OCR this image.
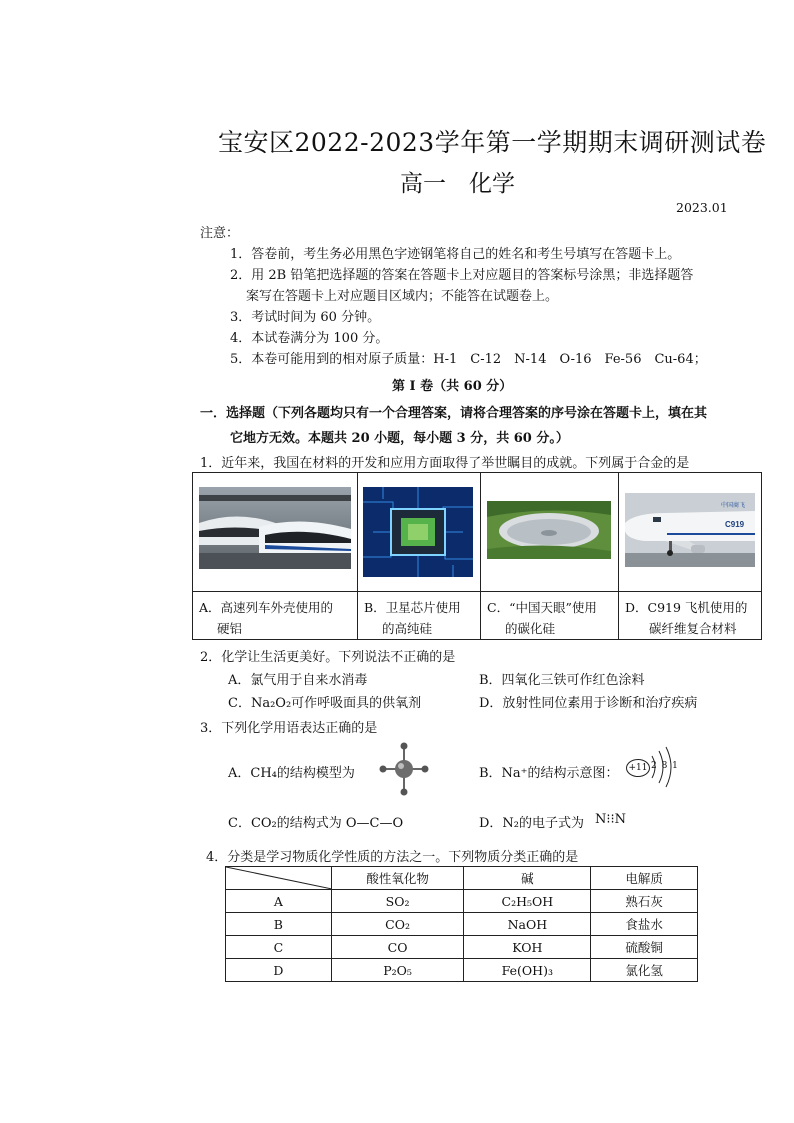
宝安区2022-2023学年第一学期期末调研测试卷
高一　化学
2023.01
注意：
1．答卷前，考生务必用黑色字迹钢笔将自己的姓名和考生号填写在答题卡上。
2．用 2B 铅笔把选择题的答案在答题卡上对应题目的答案标号涂黑；非选择题答
案写在答题卡上对应题目区域内；不能答在试题卷上。
3．考试时间为 60 分钟。
4．本试卷满分为 100 分。
5．本卷可能用到的相对原子质量：H-1　C-12　N-14　O-16　Fe-56　Cu-64；
第 Ⅰ 卷（共 60 分）
一．选择题（下列各题均只有一个合理答案，请将合理答案的序号涂在答题卡上，填在其
它地方无效。本题共 20 小题，每小题 3 分，共 60 分。）
1．近年来，我国在材料的开发和应用方面取得了举世瞩目的成就。下列属于合金的是
A．高速列车外壳使用的
硬铝
B．卫星芯片使用
的高纯硅
C．“中国天眼”使用
的碳化硅
中国商飞
C919
D．C919 飞机使用的
碳纤维复合材料
2．化学让生活更美好。下列说法不正确的是
A．氯气用于自来水消毒	B．四氧化三铁可作红色涂料
C．Na₂O₂可作呼吸面具的供氧剂	D．放射性同位素用于诊断和治疗疾病
3．下列化学用语表达正确的是
A．CH₄的结构模型为	B．Na⁺的结构示意图： +11 2 8 1
C．CO₂的结构式为 O—C—O	D．N₂的电子式为 N⁝⁝N
4．分类是学习物质化学性质的方法之一。下列物质分类正确的是
	酸性氧化物	碱	电解质
A	SO₂	C₂H₅OH	熟石灰
B	CO₂	NaOH	食盐水
C	CO	KOH	硫酸铜
D	P₂O₅	Fe(OH)₃	氯化氢
